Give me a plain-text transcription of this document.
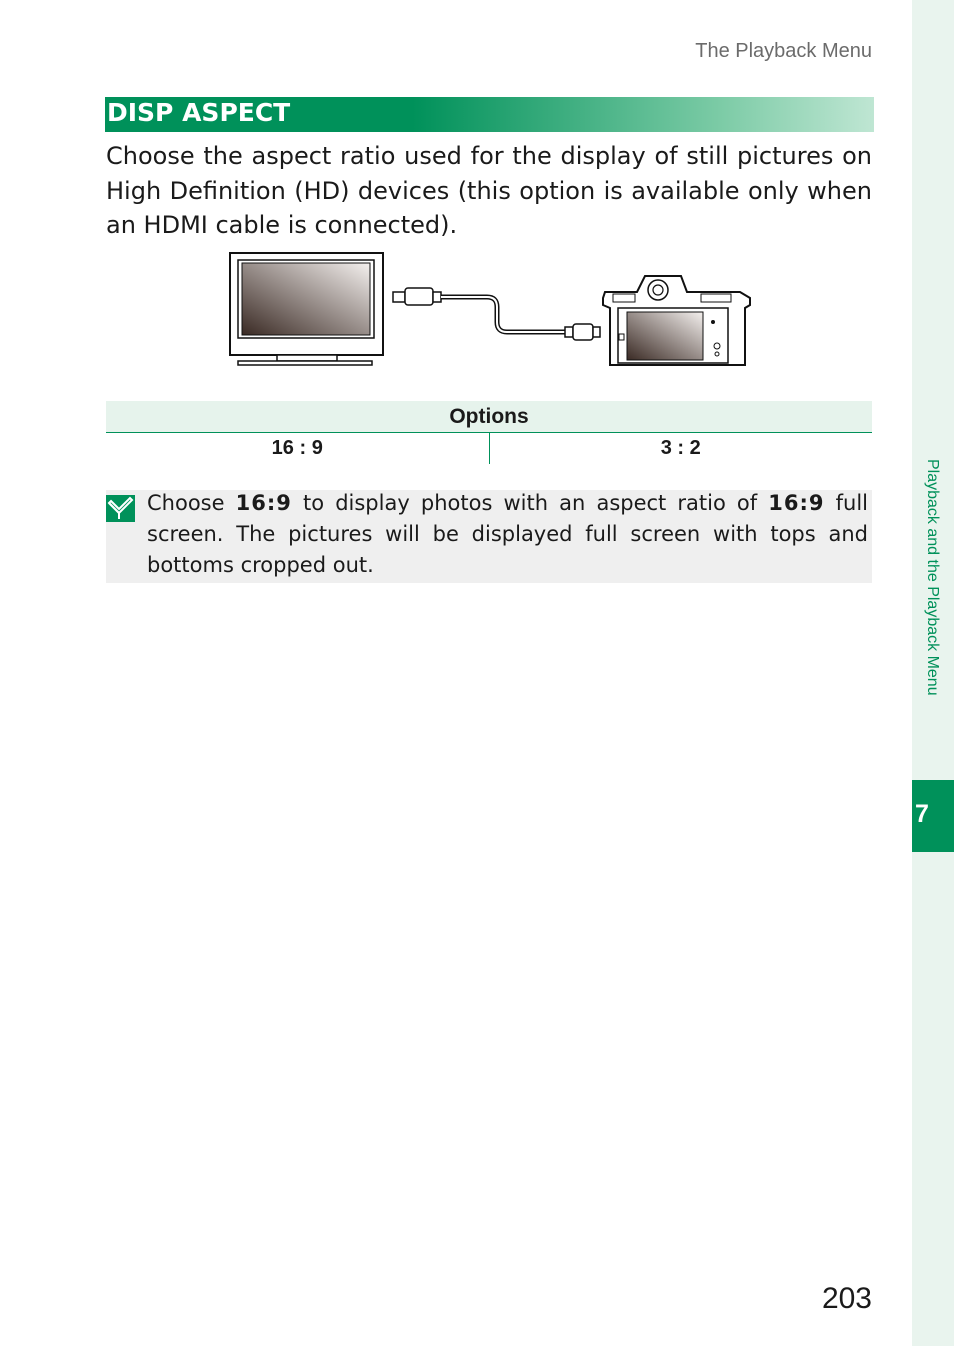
The Playback Menu
DISP ASPECT

Choose the aspect ratio used for the display of still pictures on High Definition (HD) devices (this option is available only when an HDMI cable is connected).

Options
16 : 9	3 : 2

Choose 16:9 to display photos with an aspect ratio of 16:9 full screen. The pictures will be displayed full screen with tops and bottoms cropped out.	Playback and the Playback Menu
7
203
